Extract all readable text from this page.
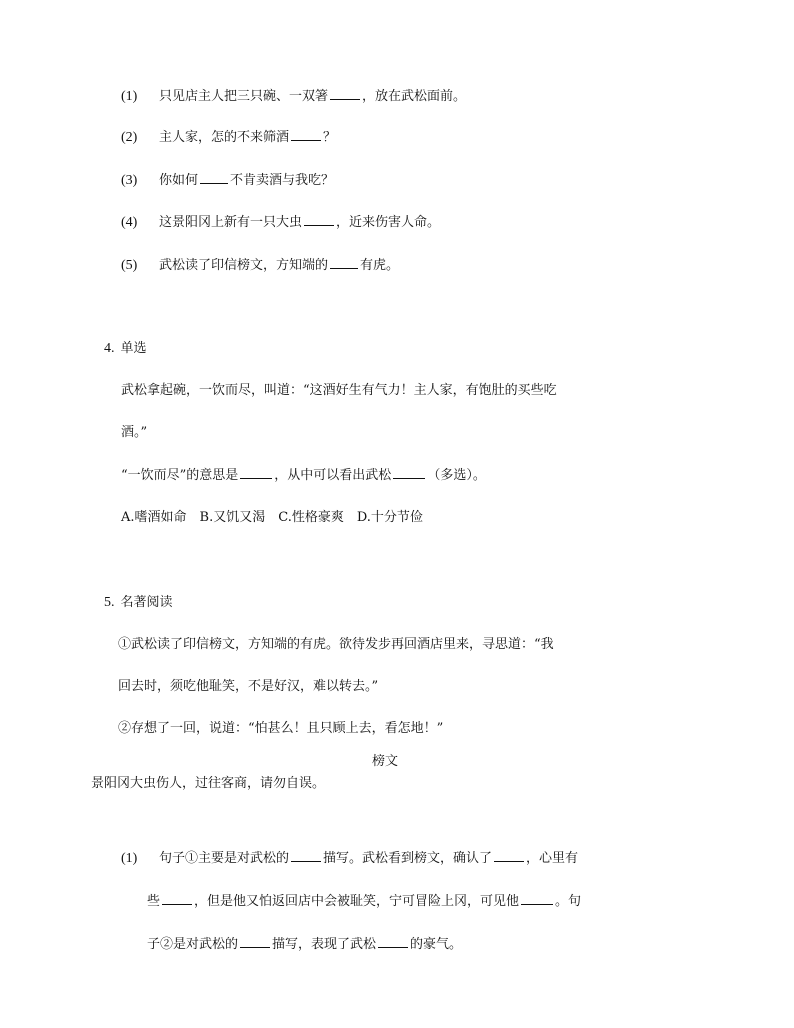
(1) 只见店主人把三只碗、一双箸	，放在武松面前。
(2) 主人家，怎的不来筛酒	？
(3) 你如何 不肯卖酒与我吃？
(4) 这景阳冈上新有一只大虫	，近来伤害人命。
(5) 武松读了印信榜文，方知端的 有虎。
4. 单选
武松拿起碗，一饮而尽，叫道：“这酒好生有气力！主人家，有饱肚的买些吃
酒。”
“一饮而尽”的意思是	，从中可以看出武松	（多选）。
A.嗜酒如命　B.又饥又渴　C.性格豪爽　D.十分节俭
5. 名著阅读
①武松读了印信榜文，方知端的有虎。欲待发步再回酒店里来，寻思道：“我
回去时，须吃他耻笑，不是好汉，难以转去。”
②存想了一回，说道：“怕甚么！且只顾上去，看怎地！”
榜文
景阳冈大虫伤人，过往客商，请勿自误。
(1) 句子①主要是对武松的	描写。武松看到榜文，确认了	，心里有
些	，但是他又怕返回店中会被耻笑，宁可冒险上冈，可见他	。句
子②是对武松的	描写，表现了武松	的豪气。
